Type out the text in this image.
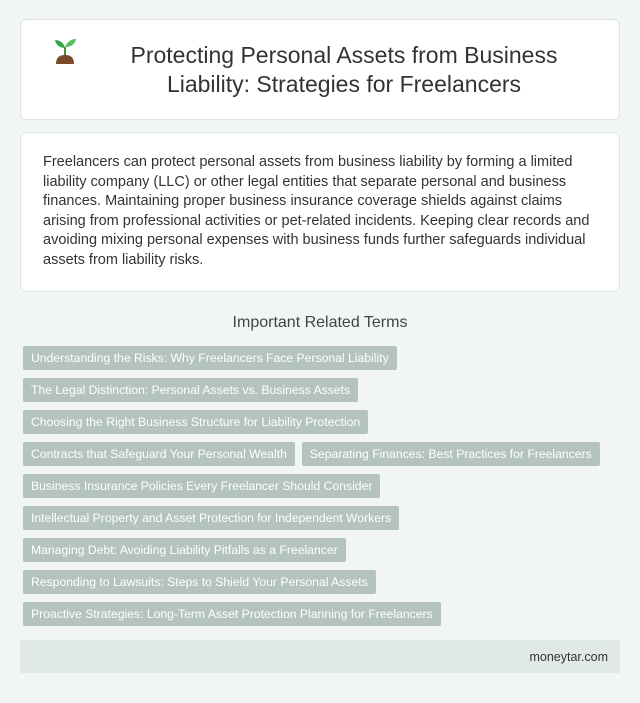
Protecting Personal Assets from Business Liability: Strategies for Freelancers

Freelancers can protect personal assets from business liability by forming a limited liability company (LLC) or other legal entities that separate personal and business finances. Maintaining proper business insurance coverage shields against claims arising from professional activities or pet-related incidents. Keeping clear records and avoiding mixing personal expenses with business funds further safeguards individual assets from liability risks.

Important Related Terms
Understanding the Risks: Why Freelancers Face Personal Liability
The Legal Distinction: Personal Assets vs. Business Assets
Choosing the Right Business Structure for Liability Protection
Contracts that Safeguard Your Personal Wealth	Separating Finances: Best Practices for Freelancers
Business Insurance Policies Every Freelancer Should Consider
Intellectual Property and Asset Protection for Independent Workers
Managing Debt: Avoiding Liability Pitfalls as a Freelancer
Responding to Lawsuits: Steps to Shield Your Personal Assets
Proactive Strategies: Long-Term Asset Protection Planning for Freelancers
moneytar.com
